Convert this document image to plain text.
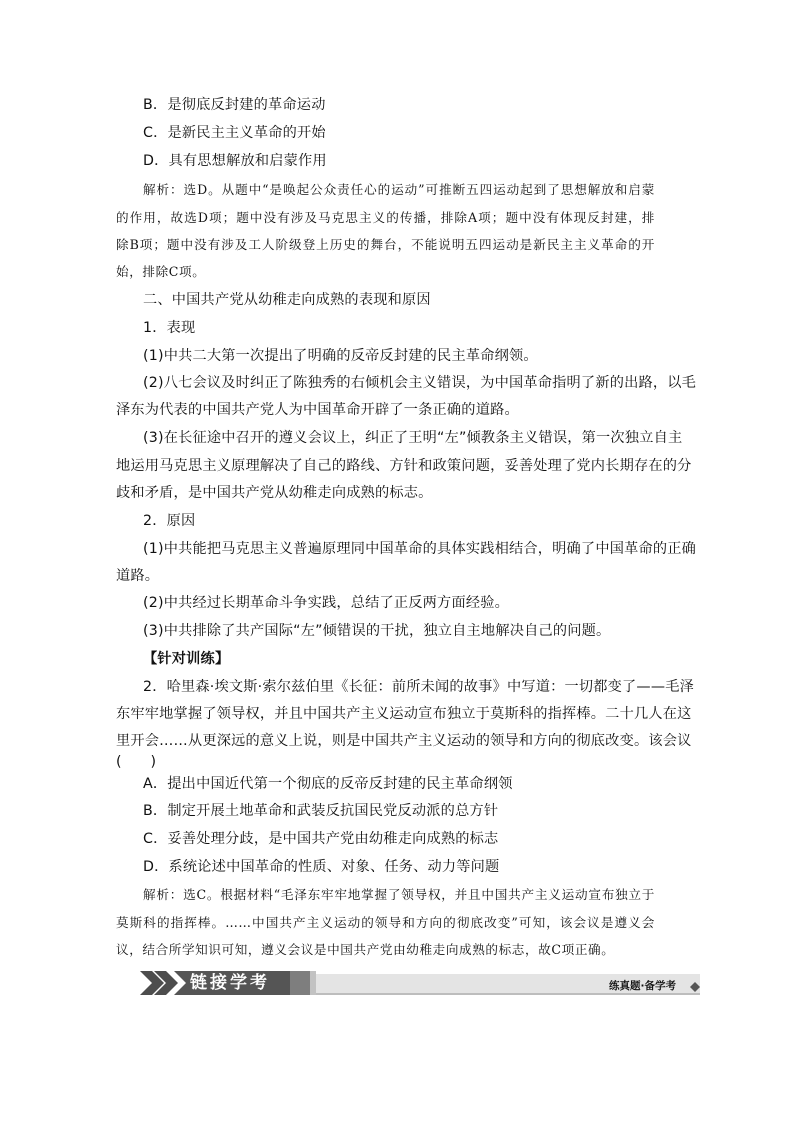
B．是彻底反封建的革命运动
C．是新民主主义革命的开始
D．具有思想解放和启蒙作用
解析：选D。从题中“是唤起公众责任心的运动”可推断五四运动起到了思想解放和启蒙
的作用，故选D项；题中没有涉及马克思主义的传播，排除A项；题中没有体现反封建，排
除B项；题中没有涉及工人阶级登上历史的舞台，不能说明五四运动是新民主主义革命的开
始，排除C项。
二、中国共产党从幼稚走向成熟的表现和原因
1．表现
(1)中共二大第一次提出了明确的反帝反封建的民主革命纲领。
(2)八七会议及时纠正了陈独秀的右倾机会主义错误，为中国革命指明了新的出路，以毛
泽东为代表的中国共产党人为中国革命开辟了一条正确的道路。
(3)在长征途中召开的遵义会议上，纠正了王明“左”倾教条主义错误，第一次独立自主
地运用马克思主义原理解决了自己的路线、方针和政策问题，妥善处理了党内长期存在的分
歧和矛盾，是中国共产党从幼稚走向成熟的标志。
2．原因
(1)中共能把马克思主义普遍原理同中国革命的具体实践相结合，明确了中国革命的正确
道路。
(2)中共经过长期革命斗争实践，总结了正反两方面经验。
(3)中共排除了共产国际“左”倾错误的干扰，独立自主地解决自己的问题。
【针对训练】
2．哈里森·埃文斯·索尔兹伯里《长征：前所未闻的故事》中写道：一切都变了——毛泽
东牢牢地掌握了领导权，并且中国共产主义运动宣布独立于莫斯科的指挥棒。二十几人在这
里开会……从更深远的意义上说，则是中国共产主义运动的领导和方向的彻底改变。该会议
(　　)
A．提出中国近代第一个彻底的反帝反封建的民主革命纲领
B．制定开展土地革命和武装反抗国民党反动派的总方针
C．妥善处理分歧，是中国共产党由幼稚走向成熟的标志
D．系统论述中国革命的性质、对象、任务、动力等问题
解析：选C。根据材料“毛泽东牢牢地掌握了领导权，并且中国共产主义运动宣布独立于
莫斯科的指挥棒。……中国共产主义运动的领导和方向的彻底改变”可知，该会议是遵义会
议，结合所学知识可知，遵义会议是中国共产党由幼稚走向成熟的标志，故C项正确。
链接学考	练真题·备学考
